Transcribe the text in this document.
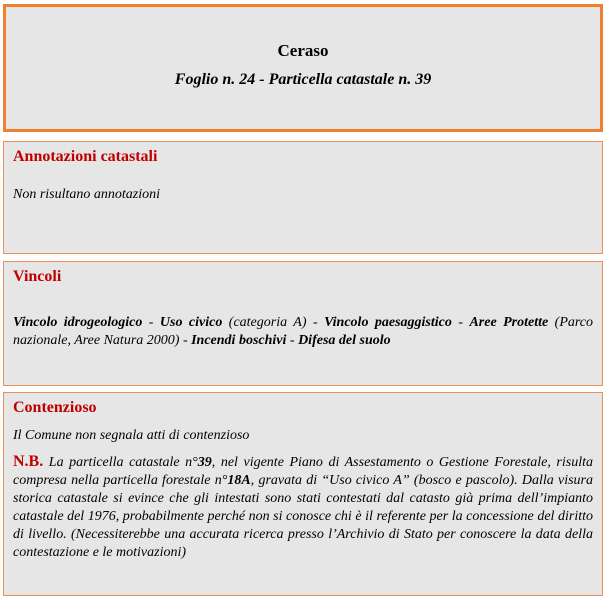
Ceraso
Foglio n. 24 - Particella catastale n. 39
Annotazioni catastali

Non risultano annotazioni

Vincoli

Vincolo idrogeologico - Uso civico (categoria A) - Vincolo paesaggistico - Aree Protette (Parco nazionale, Aree Natura 2000) - Incendi boschivi - Difesa del suolo

Contenzioso

Il Comune non segnala atti di contenzioso

N.B. La particella catastale n°39, nel vigente Piano di Assestamento o Gestione Forestale, risulta compresa nella particella forestale n°18A, gravata di “Uso civico A” (bosco e pascolo). Dalla visura storica catastale si evince che gli intestati sono stati contestati dal catasto già prima dell’impianto catastale del 1976, probabilmente perché non si conosce chi è il referente per la concessione del diritto di livello. (Necessiterebbe una accurata ricerca presso l’Archivio di Stato per conoscere la data della contestazione e le motivazioni)
